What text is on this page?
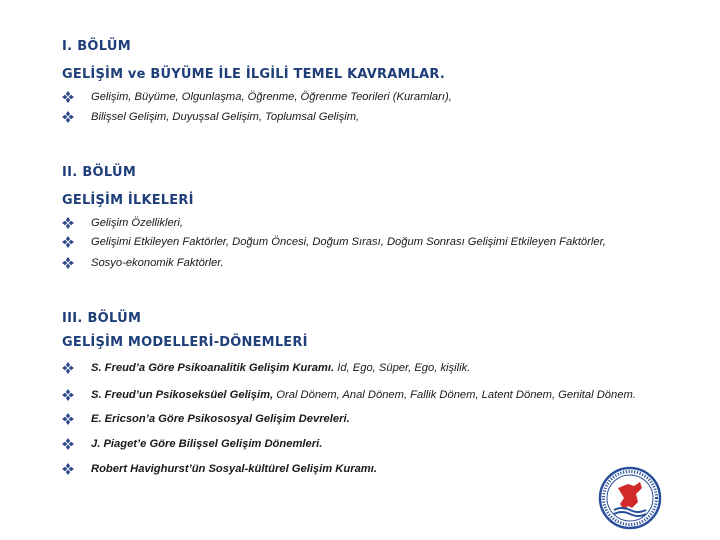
I. BÖLÜM
GELİŞİM ve BÜYÜME İLE İLGİLİ TEMEL KAVRAMLAR.
Gelişim, Büyüme, Olgunlaşma, Öğrenme, Öğrenme Teorileri (Kuramları),
Bilişsel Gelişim, Duyuşsal Gelişim, Toplumsal Gelişim,
II. BÖLÜM
GELİŞİM İLKELERİ
Gelişim Özellikleri,
Gelişimi Etkileyen Faktörler, Doğum Öncesi, Doğum Sırası, Doğum Sonrası Gelişimi Etkileyen Faktörler,
Sosyo-ekonomik Faktörler.
III. BÖLÜM
GELİŞİM MODELLERİ-DÖNEMLERİ
S. Freud’a Göre Psikoanalitik Gelişim Kuramı. İd, Ego, Süper, Ego, kişilik.
S. Freud’un Psikoseksüel Gelişim, Oral Dönem, Anal Dönem, Fallik Dönem, Latent Dönem, Genital Dönem.
E. Ericson’a Göre Psikososyal Gelişim Devreleri.
J. Piaget’e Göre Bilişsel Gelişim Dönemleri.
Robert Havighurst’ün Sosyal-kültürel Gelişim Kuramı.
